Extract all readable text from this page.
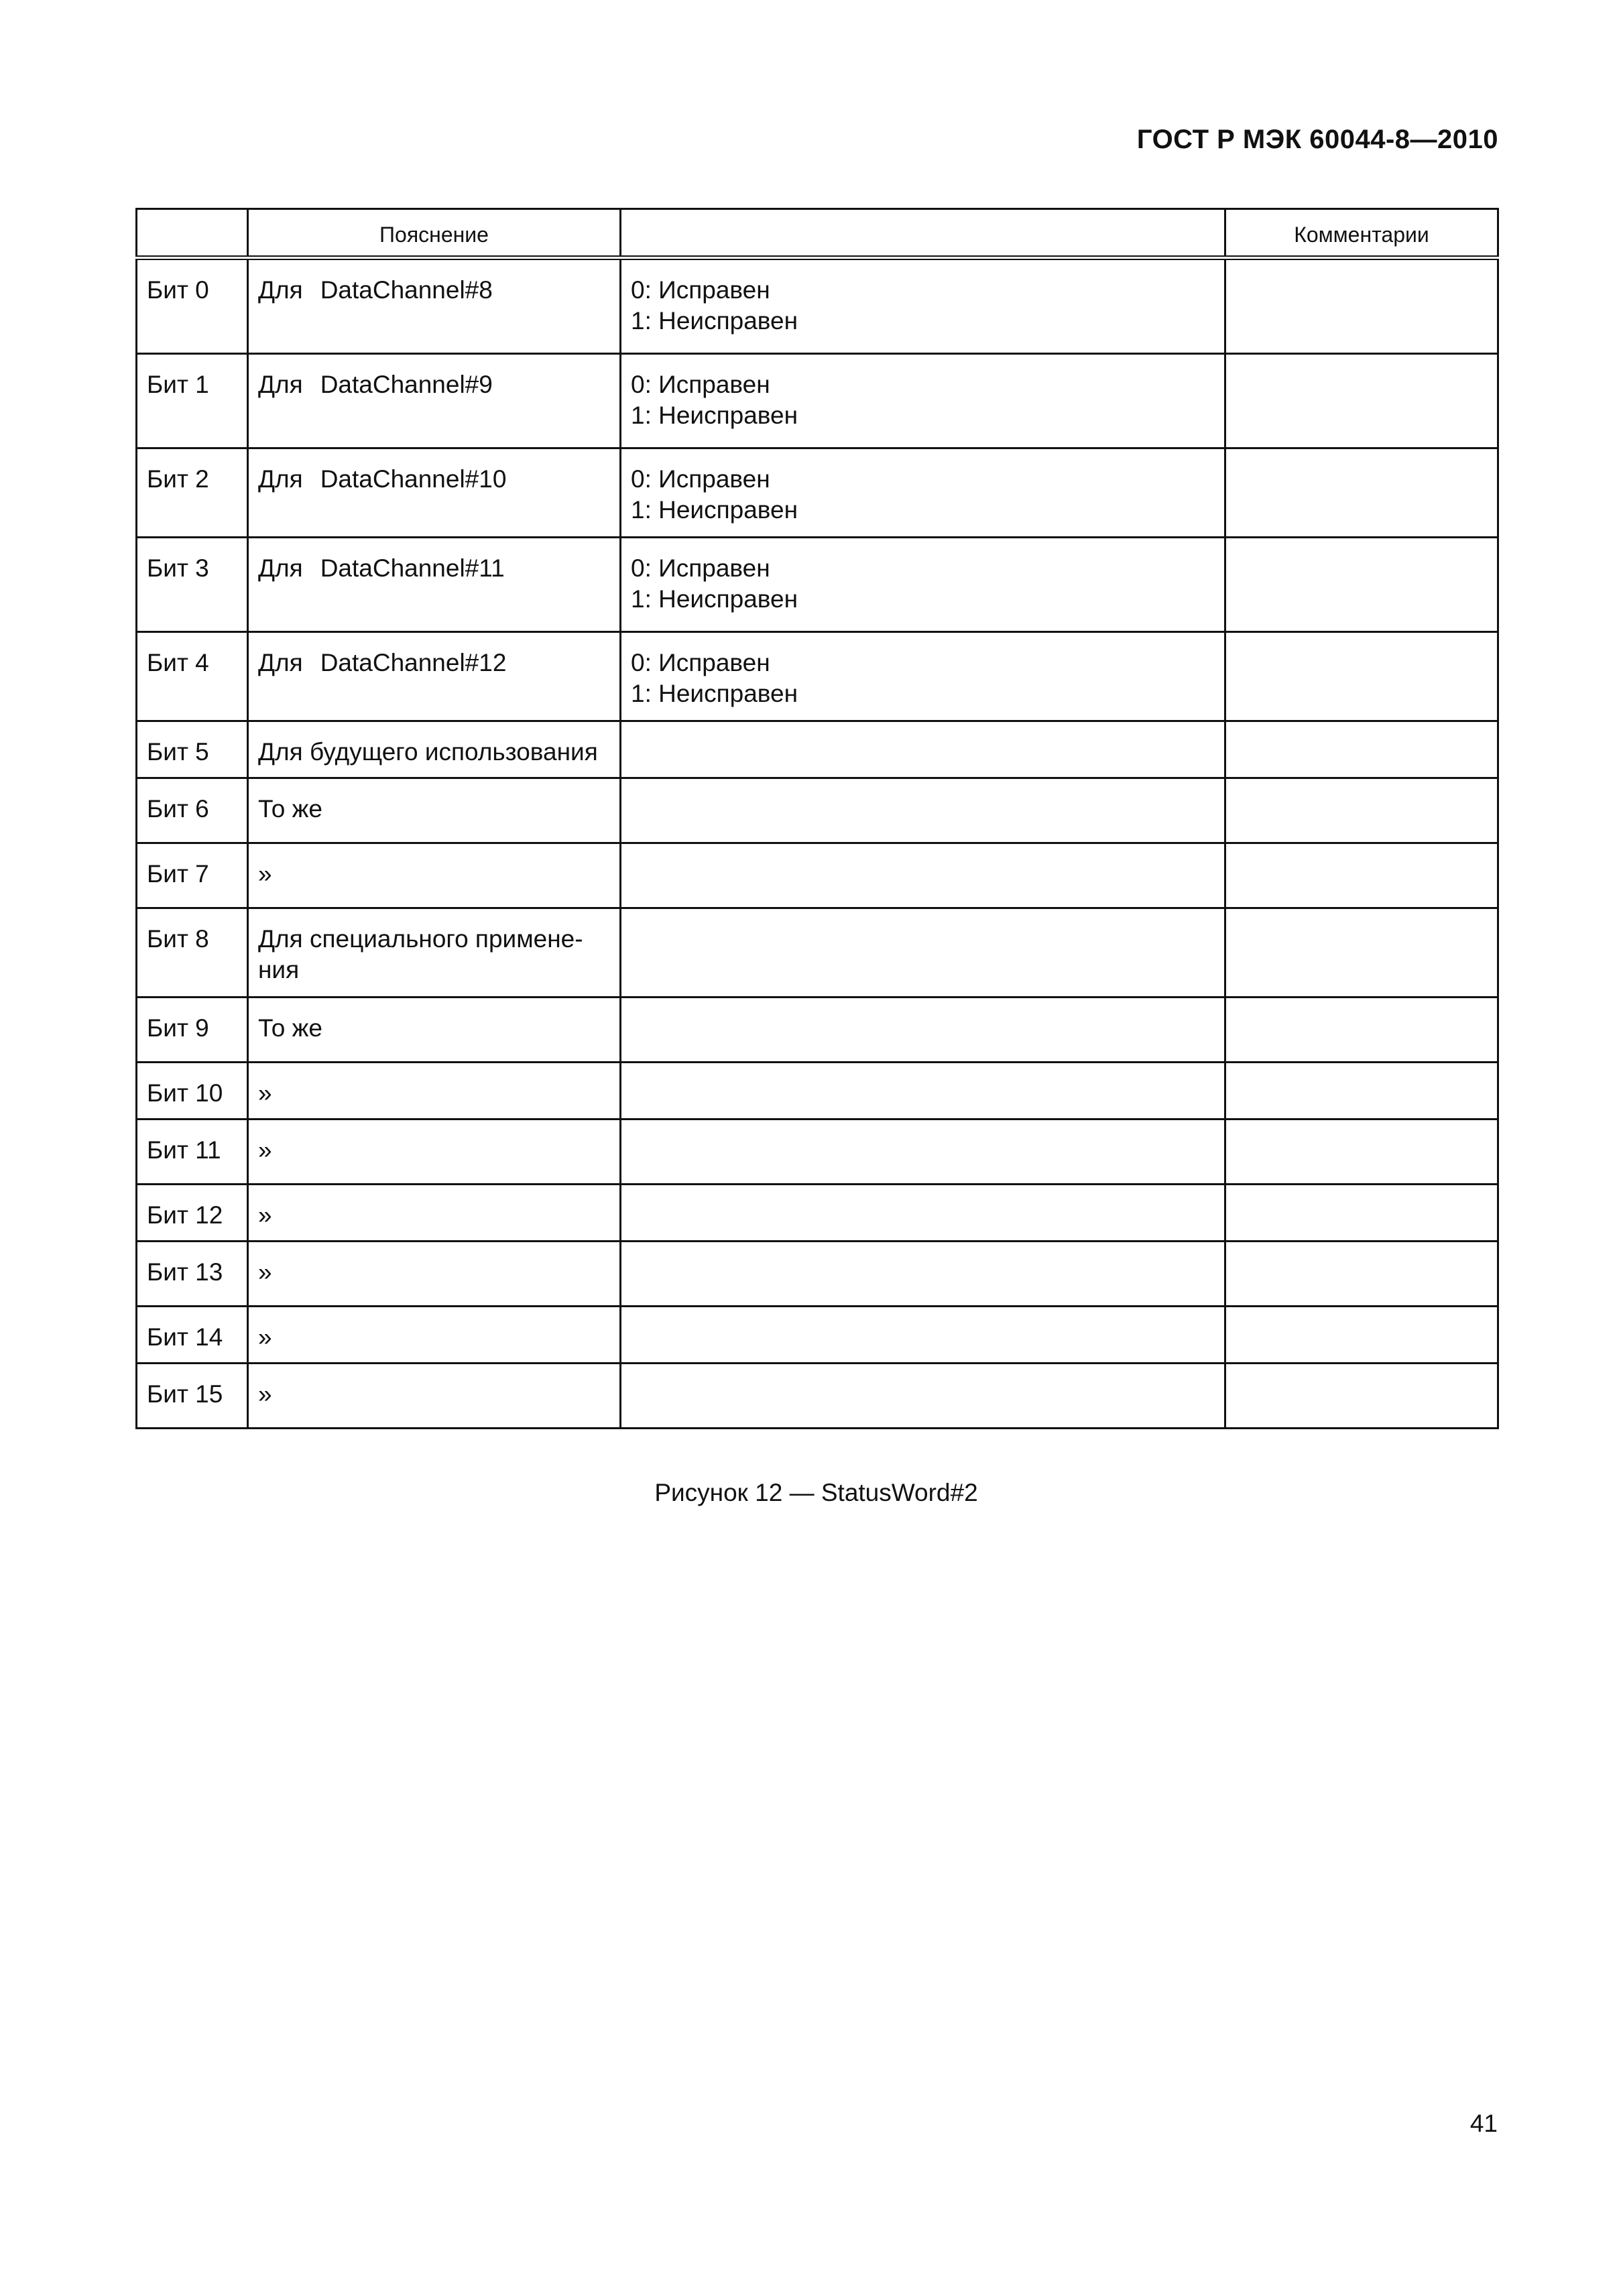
ГОСТ Р МЭК 60044-8—2010
	Пояснение		Комментарии
Бит 0	Для DataChannel#8	0: Исправен
1: Неисправен	

Бит 1	Для DataChannel#9	0: Исправен
1: Неисправен	

Бит 2	Для DataChannel#10	0: Исправен
1: Неисправен	

Бит 3	Для DataChannel#11	0: Исправен
1: Неисправен	

Бит 4	Для DataChannel#12	0: Исправен
1: Неисправен	

Бит 5	Для будущего использования		
Бит 6	То же		
Бит 7	»		
Бит 8	Для специального примене-
ния		

Бит 9	То же		
Бит 10	»		
Бит 11	»		
Бит 12	»		
Бит 13	»		
Бит 14	»		
Бит 15	»		
Рисунок 12 — StatusWord#2
41
